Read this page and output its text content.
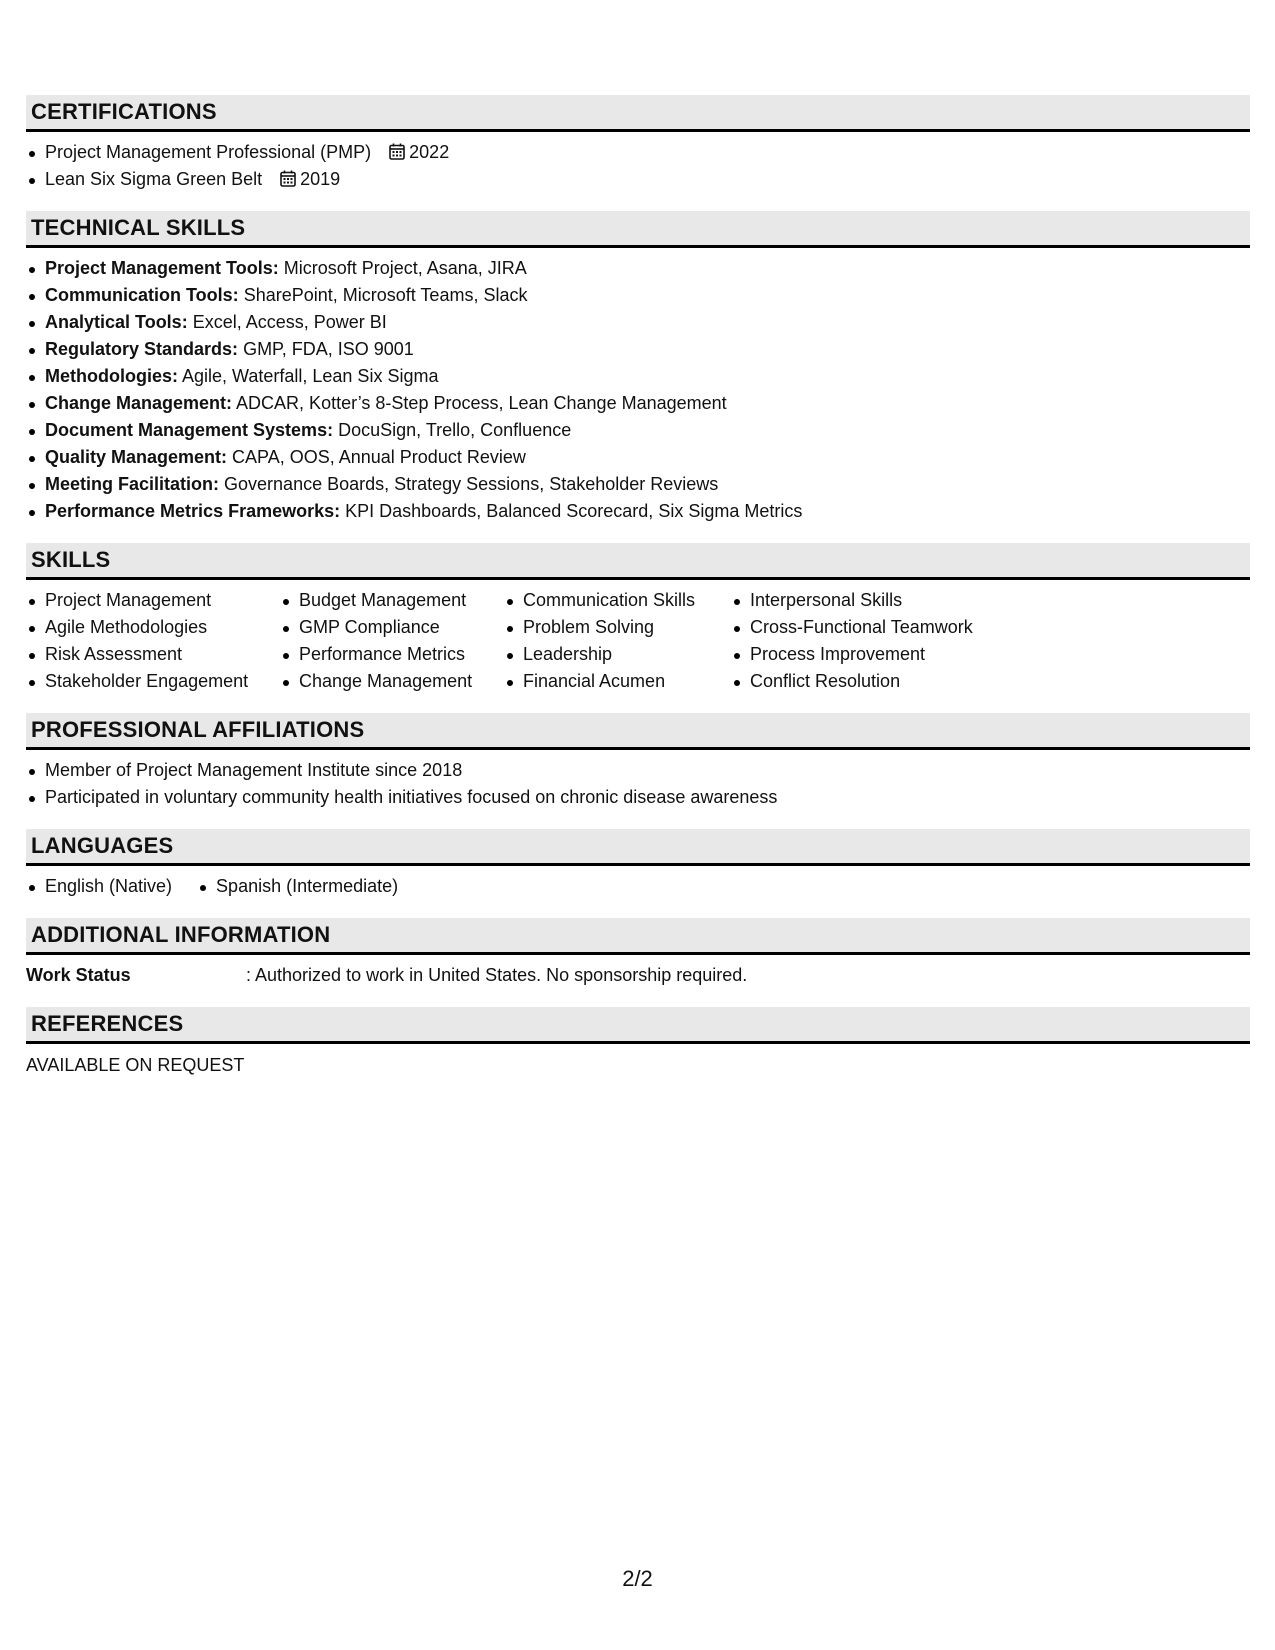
CERTIFICATIONS
Project Management Professional (PMP) 2022
Lean Six Sigma Green Belt 2019
TECHNICAL SKILLS
Project Management Tools: Microsoft Project, Asana, JIRA
Communication Tools: SharePoint, Microsoft Teams, Slack
Analytical Tools: Excel, Access, Power BI
Regulatory Standards: GMP, FDA, ISO 9001
Methodologies: Agile, Waterfall, Lean Six Sigma
Change Management: ADCAR, Kotter’s 8-Step Process, Lean Change Management
Document Management Systems: DocuSign, Trello, Confluence
Quality Management: CAPA, OOS, Annual Product Review
Meeting Facilitation: Governance Boards, Strategy Sessions, Stakeholder Reviews
Performance Metrics Frameworks: KPI Dashboards, Balanced Scorecard, Six Sigma Metrics
SKILLS
Project Management
Agile Methodologies
Risk Assessment
Stakeholder Engagement
Budget Management
GMP Compliance
Performance Metrics
Change Management
Communication Skills
Problem Solving
Leadership
Financial Acumen
Interpersonal Skills
Cross-Functional Teamwork
Process Improvement
Conflict Resolution
PROFESSIONAL AFFILIATIONS
Member of Project Management Institute since 2018
Participated in voluntary community health initiatives focused on chronic disease awareness
LANGUAGES
English (Native)	Spanish (Intermediate)
ADDITIONAL INFORMATION
Work Status	: Authorized to work in United States. No sponsorship required.
REFERENCES
AVAILABLE ON REQUEST
2/2
